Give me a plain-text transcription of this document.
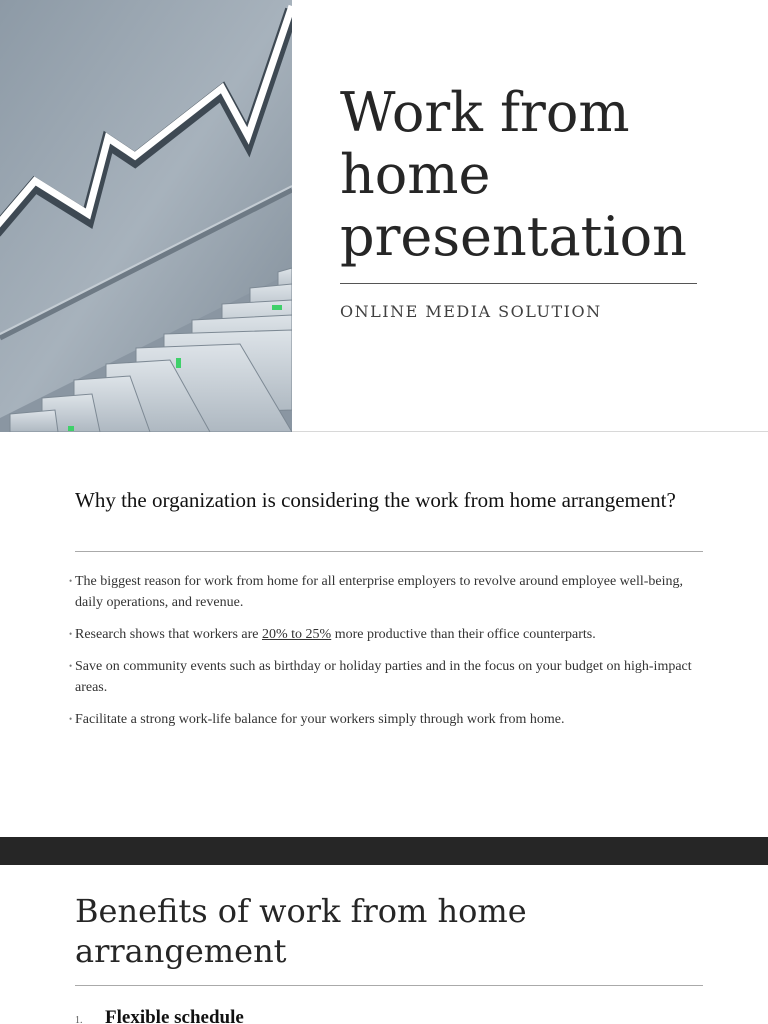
Work from home presentation
ONLINE MEDIA SOLUTION
Why the organization is considering the work from home arrangement?
• The biggest reason for work from home for all enterprise employers to revolve around employee well-being, daily operations, and revenue.
• Research shows that workers are 20% to 25% more productive than their office counterparts.
• Save on community events such as birthday or holiday parties and in the focus on your budget on high-impact areas.
• Facilitate a strong work-life balance for your workers simply through work from home.
Benefits of work from home arrangement
1. Flexible schedule
